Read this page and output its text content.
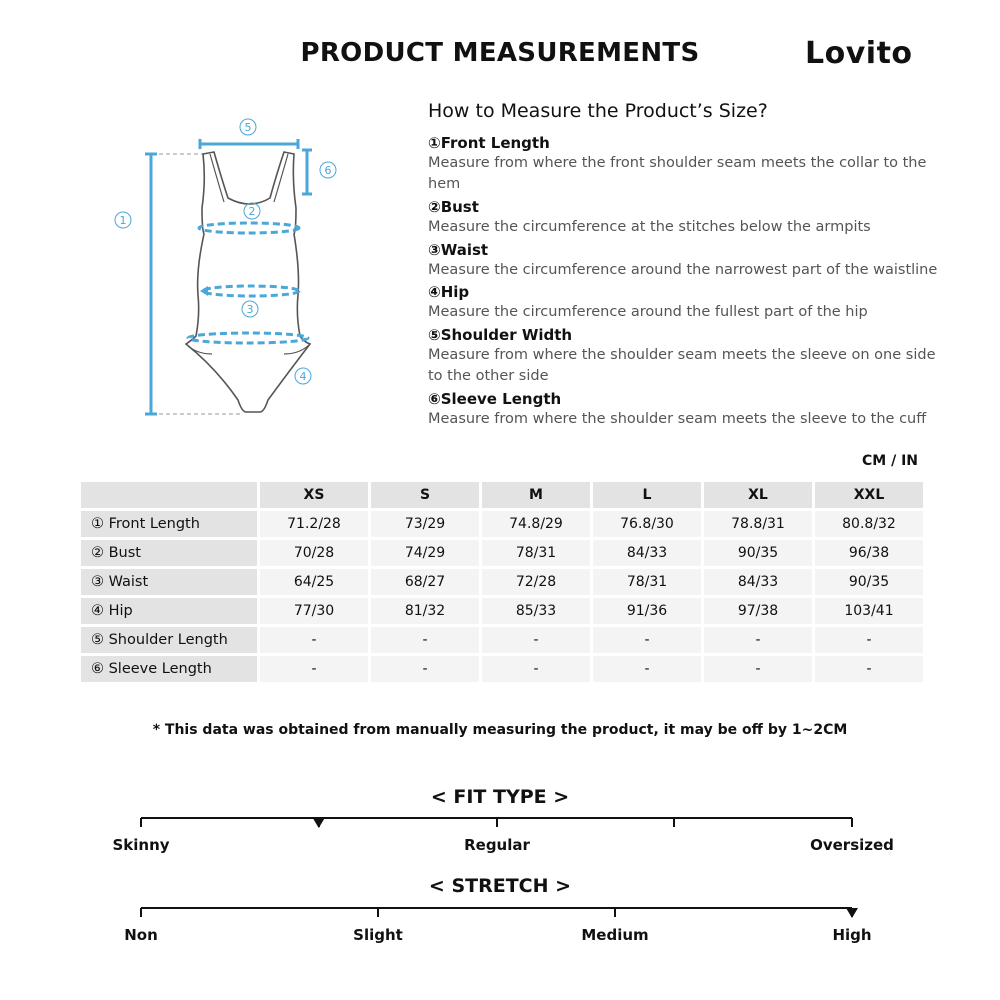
PRODUCT MEASUREMENTS	Lovito
5
6
1
2
3
4
How to Measure the Product’s Size?
①Front Length
Measure from where the front shoulder seam meets the collar to the hem
②Bust
Measure the circumference at the stitches below the armpits
③Waist
Measure the circumference around the narrowest part of the waistline
④Hip
Measure the circumference around the fullest part of the hip
⑤Shoulder Width
Measure from where the shoulder seam meets the sleeve on one side to the other side
⑥Sleeve Length
Measure from where the shoulder seam meets the sleeve to the cuff
CM / IN
	XS	S	M	L	XL	XXL
① Front Length	71.2/28	73/29	74.8/29	76.8/30	78.8/31	80.8/32
② Bust	70/28	74/29	78/31	84/33	90/35	96/38
③ Waist	64/25	68/27	72/28	78/31	84/33	90/35
④ Hip	77/30	81/32	85/33	91/36	97/38	103/41
⑤ Shoulder Length	-	-	-	-	-	-
⑥ Sleeve Length	-	-	-	-	-	-
* This data was obtained from manually measuring the product, it may be off by 1~2CM
< FIT TYPE >
Skinny	Regular	Oversized
< STRETCH >
Non	Slight	Medium	High
